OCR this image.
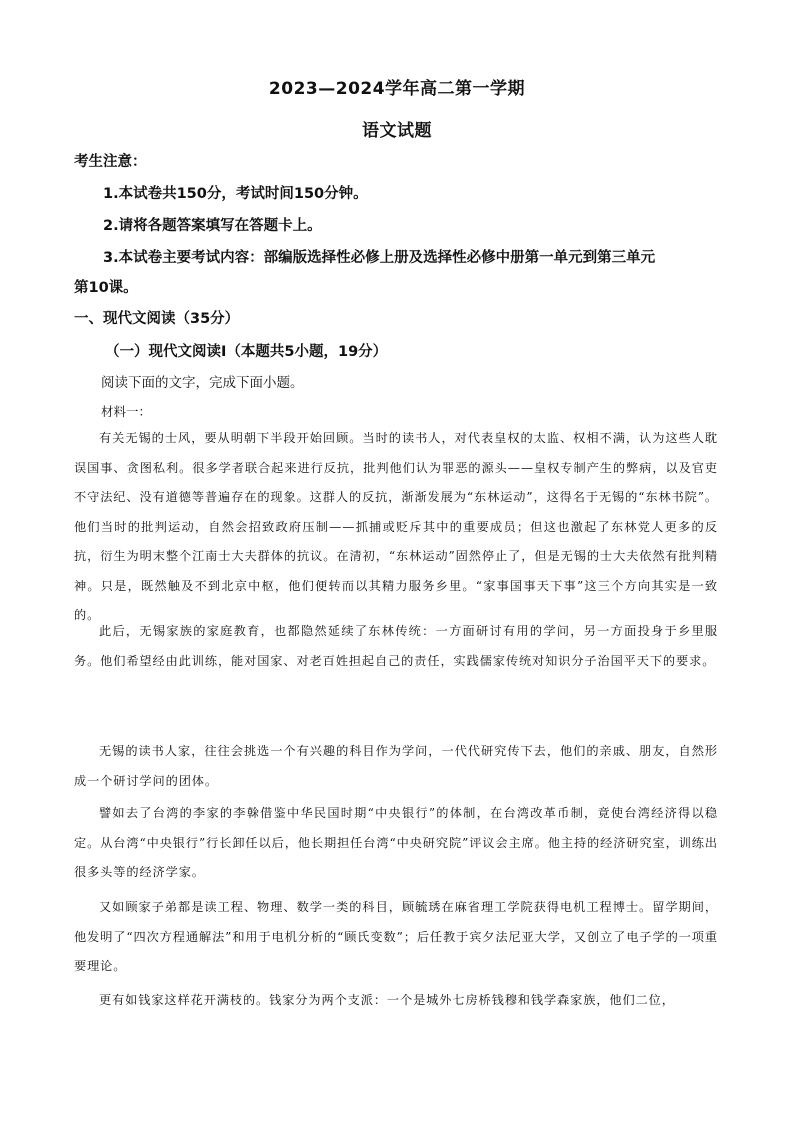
2023—2024学年高二第一学期
语文试题
考生注意：
1.本试卷共150分，考试时间150分钟。
2.请将各题答案填写在答题卡上。
3.本试卷主要考试内容：部编版选择性必修上册及选择性必修中册第一单元到第三单元
第10课。
一、现代文阅读（35分）
（一）现代文阅读Ⅰ（本题共5小题，19分）
阅读下面的文字，完成下面小题。
材料一：
有关无锡的士风，要从明朝下半段开始回顾。当时的读书人，对代表皇权的太监、权相不满，认为这些人耽误国事、贪图私利。很多学者联合起来进行反抗，批判他们认为罪恶的源头——皇权专制产生的弊病，以及官吏不守法纪、没有道德等普遍存在的现象。这群人的反抗，渐渐发展为“东林运动”，这得名于无锡的“东林书院”。他们当时的批判运动，自然会招致政府压制——抓捕或贬斥其中的重要成员；但这也激起了东林党人更多的反抗，衍生为明末整个江南士大夫群体的抗议。在清初，“东林运动”固然停止了，但是无锡的士大夫依然有批判精神。只是，既然触及不到北京中枢，他们便转而以其精力服务乡里。“家事国事天下事”这三个方向其实是一致的。
此后，无锡家族的家庭教育，也都隐然延续了东林传统：一方面研讨有用的学问，另一方面投身于乡里服务。他们希望经由此训练，能对国家、对老百姓担起自己的责任，实践儒家传统对知识分子治国平天下的要求。
无锡的读书人家，往往会挑选一个有兴趣的科目作为学问，一代代研究传下去，他们的亲戚、朋友，自然形成一个研讨学问的团体。
譬如去了台湾的李家的李榦借鉴中华民国时期“中央银行”的体制，在台湾改革币制，竟使台湾经济得以稳定。从台湾“中央银行”行长卸任以后，他长期担任台湾“中央研究院”评议会主席。他主持的经济研究室，训练出很多头等的经济学家。
又如顾家子弟都是读工程、物理、数学一类的科目，顾毓琇在麻省理工学院获得电机工程博士。留学期间，他发明了“四次方程通解法”和用于电机分析的“顾氏变数”；后任教于宾夕法尼亚大学，又创立了电子学的一项重要理论。
更有如钱家这样花开满枝的。钱家分为两个支派：一个是城外七房桥钱穆和钱学森家族，他们二位，
